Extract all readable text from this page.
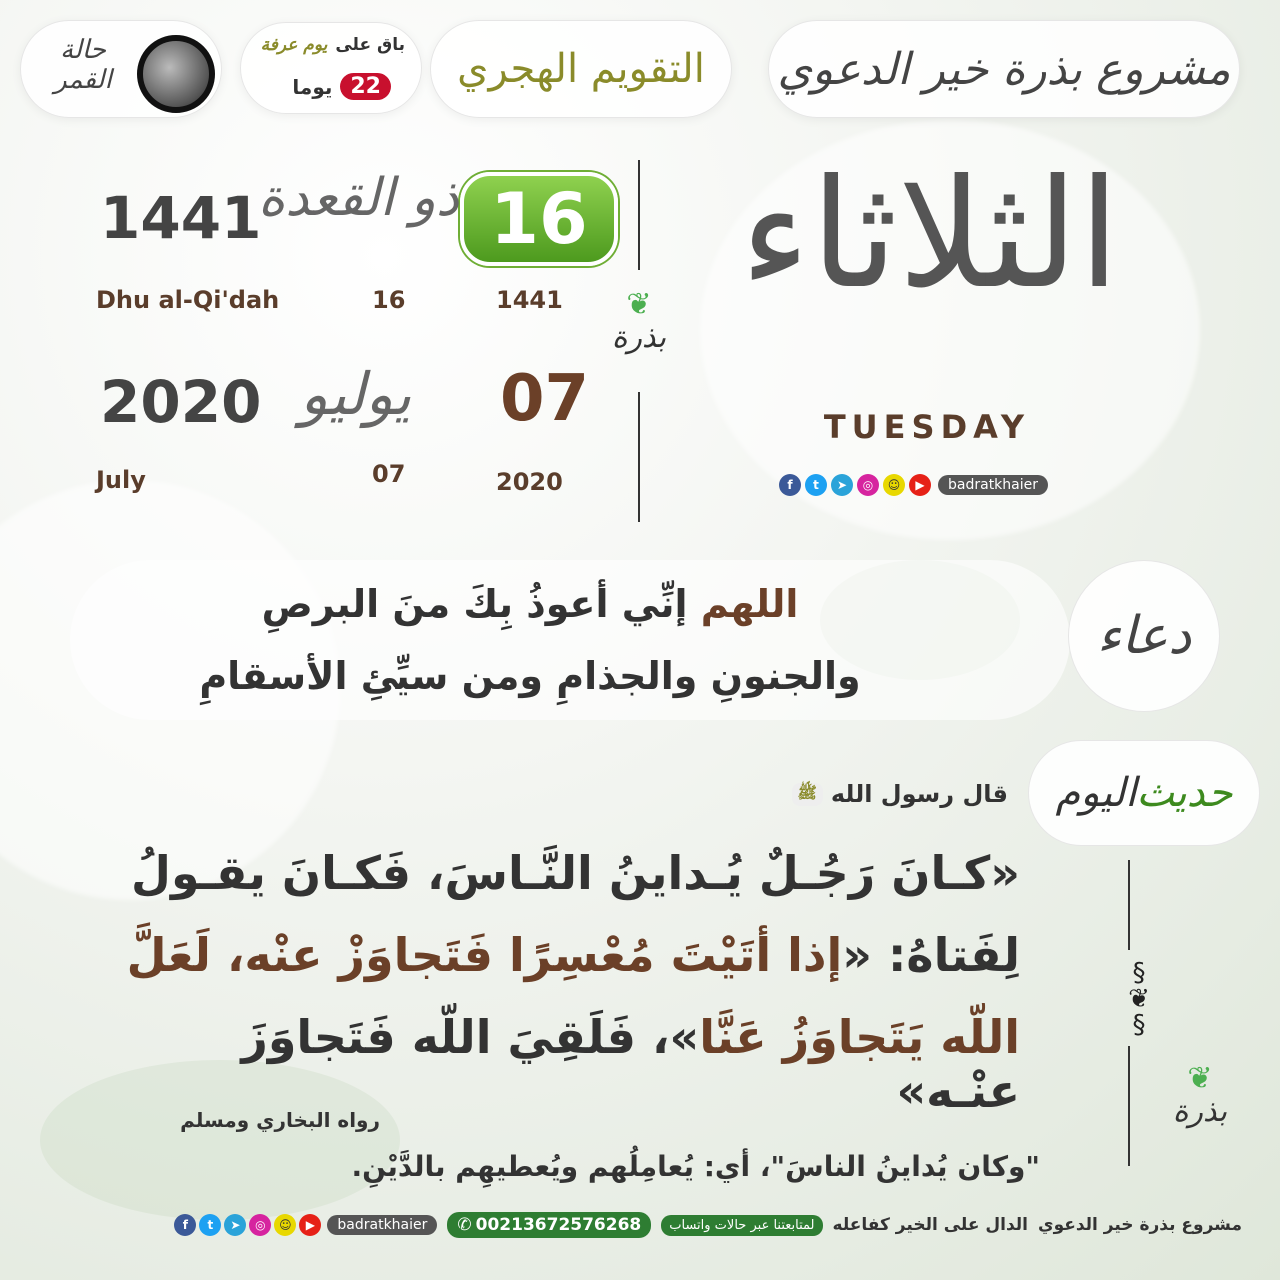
مشروع بذرة خير الدعوي
التقويم الهجري
باق على
يوم عرفة
22
يوما
حالة القمر
الثلاثاء
TUESDAY
f	t	➤	◎	☺	▶	badratkhaier
❦
بذرة
16
ذو القعدة
1441
Dhu al-Qi'dah	16	1441
07
يوليو
2020
July	07	2020
دعاء
اللهم إنِّي أعوذُ بِكَ منَ البرصِ
والجنونِ والجذامِ ومن سيِّئِ الأسقامِ
اليوم حديث
قال رسول الله
ﷺ
«كـانَ رَجُـلٌ يُـداينُ النَّـاسَ، فَكـانَ يقـولُ
لِفَتاهُ: «إذا أتَيْتَ مُعْسِرًا فَتَجاوَزْ عنْه، لَعَلَّ
اللّه يَتَجاوَزُ عَنَّا»، فَلَقِيَ اللّه فَتَجاوَزَ عنْـه»
رواه البخاري ومسلم
"وكان يُداينُ الناسَ"، أي: يُعامِلُهم ويُعطيهِم بالدَّيْنِ.
§
❦
§
❦
بذرة
f	t	➤	◎	☺	▶	badratkhaier	✆ 00213672576268	لمتابعتنا عبر حالات واتساب	الدال على الخير كفاعله مشروع بذرة خير الدعوي
